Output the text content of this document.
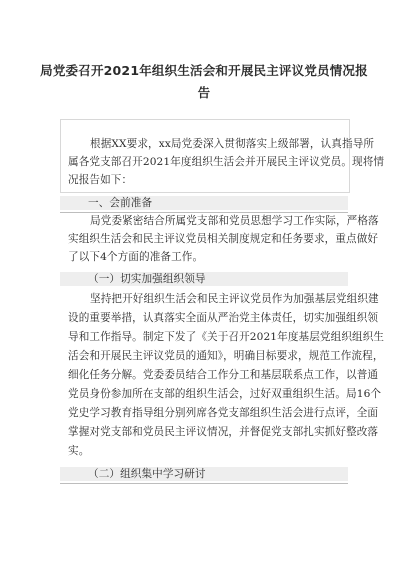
局党委召开2021年组织生活会和开展民主评议党员情况报
告
根据XX要求，xx局党委深入贯彻落实上级部署，认真指导所
属各党支部召开2021年度组织生活会并开展民主评议党员。现将情
况报告如下：
一、会前准备
局党委紧密结合所属党支部和党员思想学习工作实际，严格落
实组织生活会和民主评议党员相关制度规定和任务要求，重点做好
了以下4个方面的准备工作。
（一）切实加强组织领导
坚持把开好组织生活会和民主评议党员作为加强基层党组织建
设的重要举措，认真落实全面从严治党主体责任，切实加强组织领
导和工作指导。制定下发了《关于召开2021年度基层党组织组织生
活会和开展民主评议党员的通知》，明确目标要求，规范工作流程，
细化任务分解。党委委员结合工作分工和基层联系点工作，以普通
党员身份参加所在支部的组织生活会，过好双重组织生活。局16个
党史学习教育指导组分别列席各党支部组织生活会进行点评，全面
掌握对党支部和党员民主评议情况，并督促党支部扎实抓好整改落
实。
（二）组织集中学习研讨
